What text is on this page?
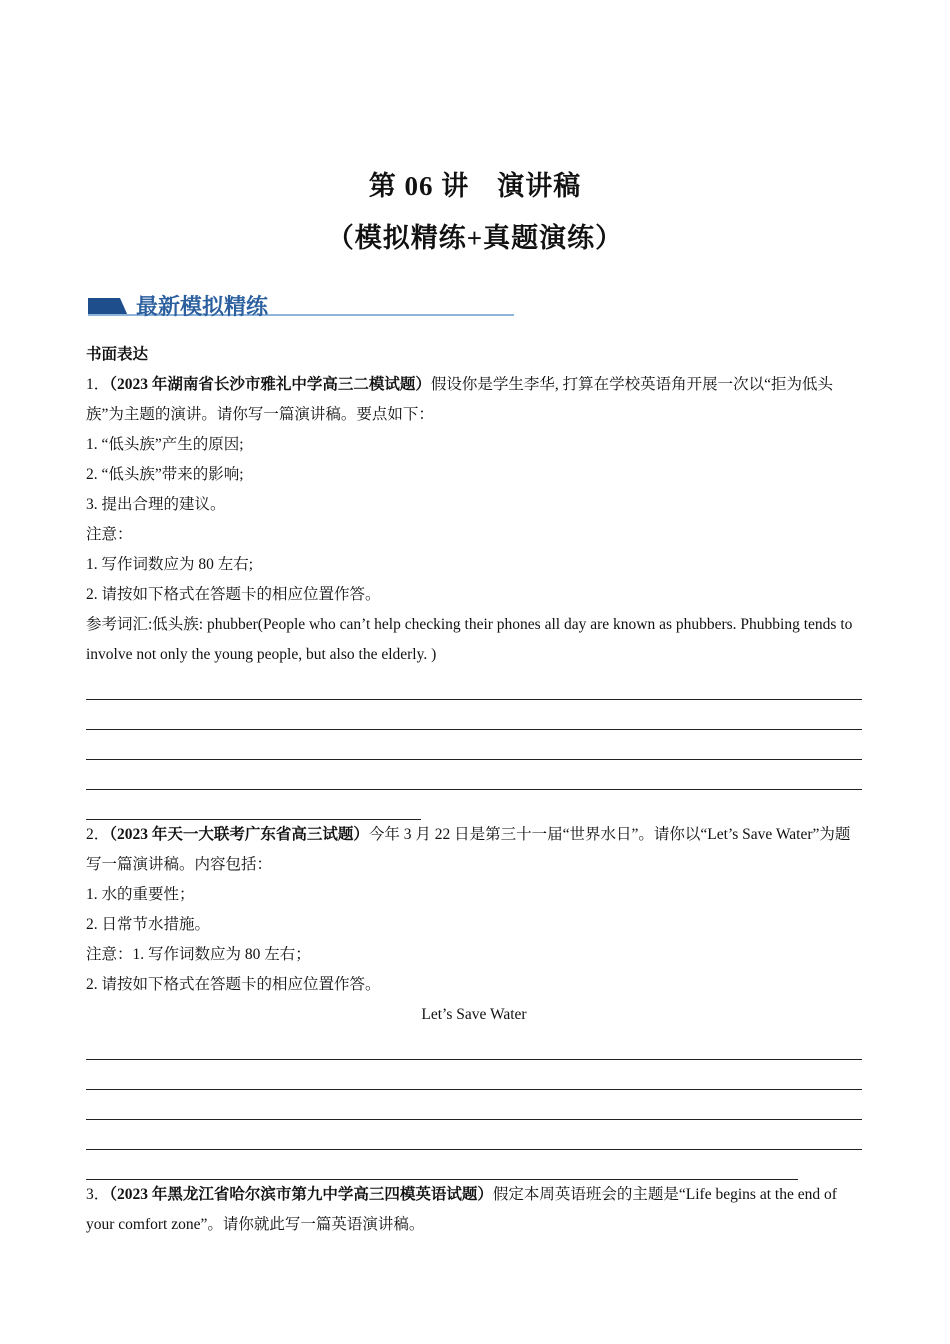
第 06 讲　演讲稿
（模拟精练+真题演练）
最新模拟精练

书面表达

1．（2023 年湖南省长沙市雅礼中学高三二模试题）假设你是学生李华, 打算在学校英语角开展一次以“拒为低头族”为主题的演讲。请你写一篇演讲稿。要点如下：

1. “低头族”产生的原因;

2. “低头族”带来的影响;

3. 提出合理的建议。

注意：

1. 写作词数应为 80 左右;

2. 请按如下格式在答题卡的相应位置作答。

参考词汇:低头族: phubber(People who can’t help checking their phones all day are known as phubbers. Phubbing tends to involve not only the young people, but also the elderly. )

2．（2023 年天一大联考广东省高三试题）今年 3 月 22 日是第三十一届“世界水日”。请你以“Let’s Save Water”为题写一篇演讲稿。内容包括：

1. 水的重要性；

2. 日常节水措施。

注意：1. 写作词数应为 80 左右；

2. 请按如下格式在答题卡的相应位置作答。

Let’s Save Water

3．（2023 年黑龙江省哈尔滨市第九中学高三四模英语试题）假定本周英语班会的主题是“Life begins at the end of your comfort zone”。请你就此写一篇英语演讲稿。
